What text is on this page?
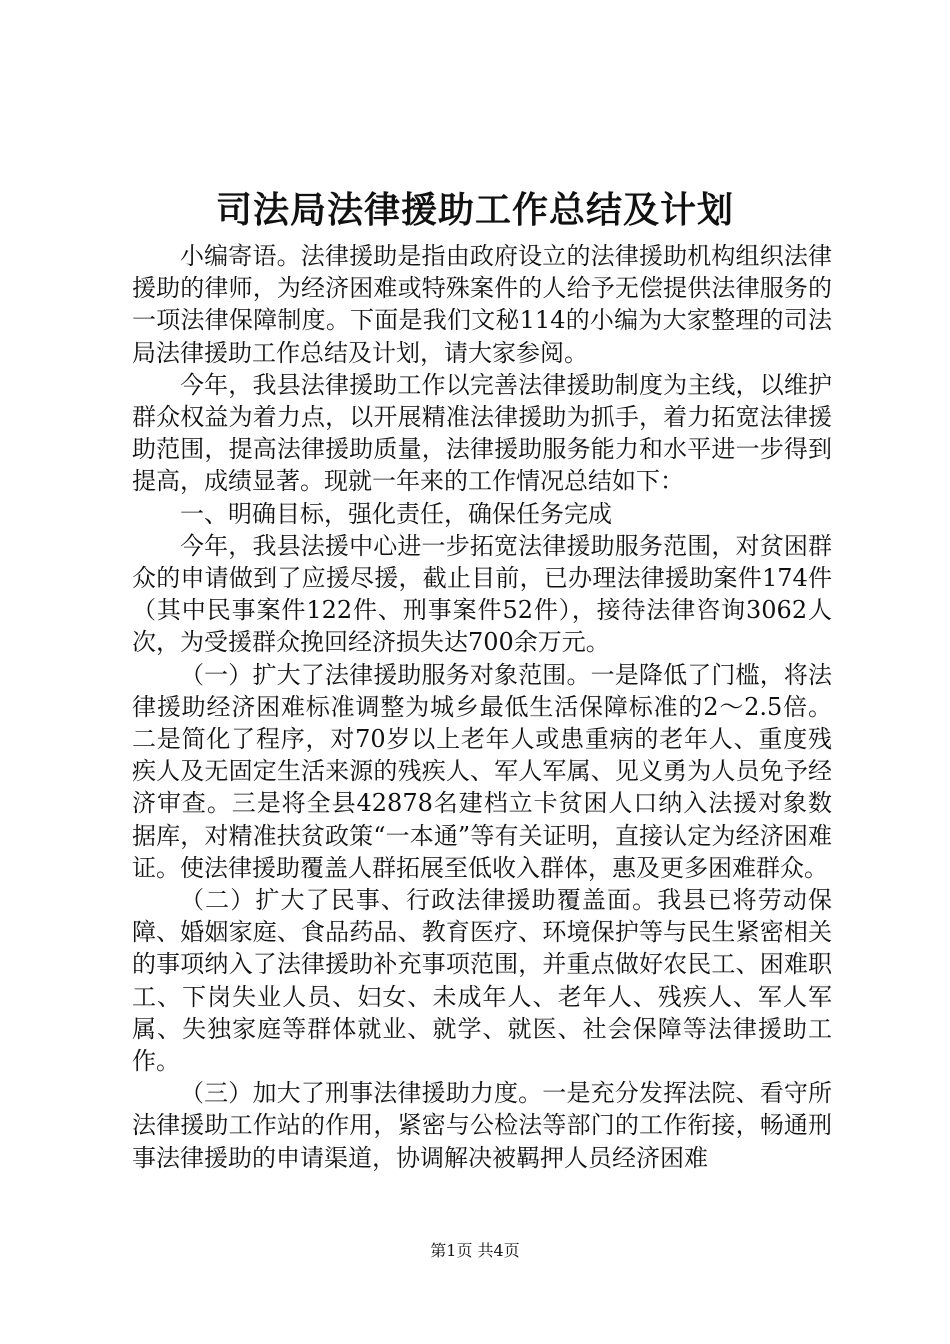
司法局法律援助工作总结及计划

小编寄语。法律援助是指由政府设立的法律援助机构组织法律援助的律师，为经济困难或特殊案件的人给予无偿提供法律服务的一项法律保障制度。下面是我们文秘114的小编为大家整理的司法局法律援助工作总结及计划，请大家参阅。

今年，我县法律援助工作以完善法律援助制度为主线，以维护群众权益为着力点，以开展精准法律援助为抓手，着力拓宽法律援助范围，提高法律援助质量，法律援助服务能力和水平进一步得到提高，成绩显著。现就一年来的工作情况总结如下：

一、明确目标，强化责任，确保任务完成

今年，我县法援中心进一步拓宽法律援助服务范围，对贫困群众的申请做到了应援尽援，截止目前，已办理法律援助案件174件（其中民事案件122件、刑事案件52件），接待法律咨询3062人次，为受援群众挽回经济损失达700余万元。

（一）扩大了法律援助服务对象范围。一是降低了门槛，将法律援助经济困难标准调整为城乡最低生活保障标准的2～2.5倍。二是简化了程序，对70岁以上老年人或患重病的老年人、重度残疾人及无固定生活来源的残疾人、军人军属、见义勇为人员免予经济审查。三是将全县42878名建档立卡贫困人口纳入法援对象数据库，对精准扶贫政策“一本通”等有关证明，直接认定为经济困难证。使法律援助覆盖人群拓展至低收入群体，惠及更多困难群众。

（二）扩大了民事、行政法律援助覆盖面。我县已将劳动保障、婚姻家庭、食品药品、教育医疗、环境保护等与民生紧密相关的事项纳入了法律援助补充事项范围，并重点做好农民工、困难职工、下岗失业人员、妇女、未成年人、老年人、残疾人、军人军属、失独家庭等群体就业、就学、就医、社会保障等法律援助工作。

（三）加大了刑事法律援助力度。一是充分发挥法院、看守所法律援助工作站的作用，紧密与公检法等部门的工作衔接，畅通刑事法律援助的申请渠道，协调解决被羁押人员经济困难

第1页 共4页
